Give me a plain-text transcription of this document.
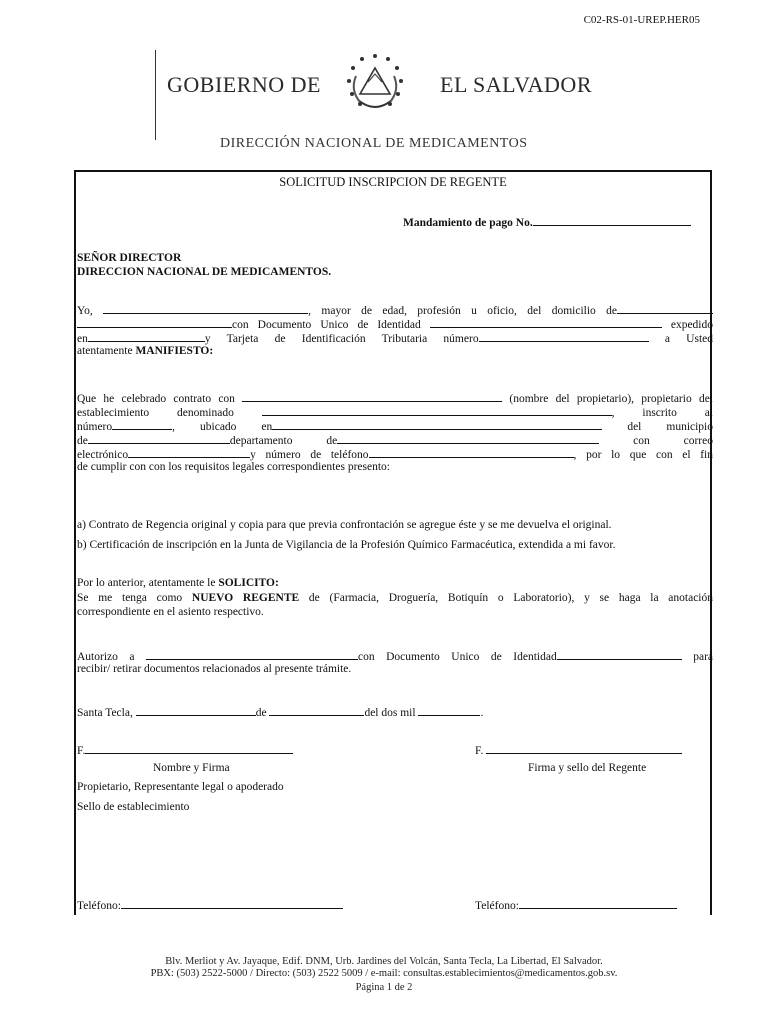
C02-RS-01-UREP.HER05
GOBIERNO DE	EL SALVADOR
DIRECCIÓN NACIONAL DE MEDICAMENTOS
SOLICITUD INSCRIPCION DE REGENTE
Mandamiento de pago No.
SEÑOR DIRECTOR
DIRECCION NACIONAL DE MEDICAMENTOS.
Yo,	, mayor de edad, profesión u oficio, del domicilio de
con Documento Unico de Identidad	expedido
en	y Tarjeta de Identificación Tributaria número	a Usted
atentamente MANIFIESTO:
Que he celebrado contrato con	(nombre del propietario), propietario del
establecimiento denominado	, inscrito al
número	, ubicado en	del municipio
de	departamento de	con correo
electrónico	y número de teléfono	, por lo que con el fin
de cumplir con con los requisitos legales correspondientes presento:
a) Contrato de Regencia original y copia para que previa confrontación se agregue éste y se me devuelva el original.
b) Certificación de inscripción en la Junta de Vigilancia de la Profesión Químico Farmacéutica, extendida a mi favor.
Por lo anterior, atentamente le SOLICITO:
Se me tenga como NUEVO REGENTE de (Farmacia, Droguería, Botiquín o Laboratorio), y se haga la anotación
correspondiente en el asiento respectivo.
Autorizo a	con Documento Unico de Identidad	para
recibir/ retirar documentos relacionados al presente trámite.
Santa Tecla,	de	del dos mil	.
F.	F.
Nombre y Firma	Firma y sello del Regente
Propietario, Representante legal o apoderado
Sello de establecimiento
Teléfono:	Teléfono:
Blv. Merliot y Av. Jayaque, Edif. DNM, Urb. Jardines del Volcán, Santa Tecla, La Libertad, El Salvador.
PBX: (503) 2522-5000 / Directo: (503) 2522 5009 / e-mail: consultas.establecimientos@medicamentos.gob.sv.
Página 1 de 2
